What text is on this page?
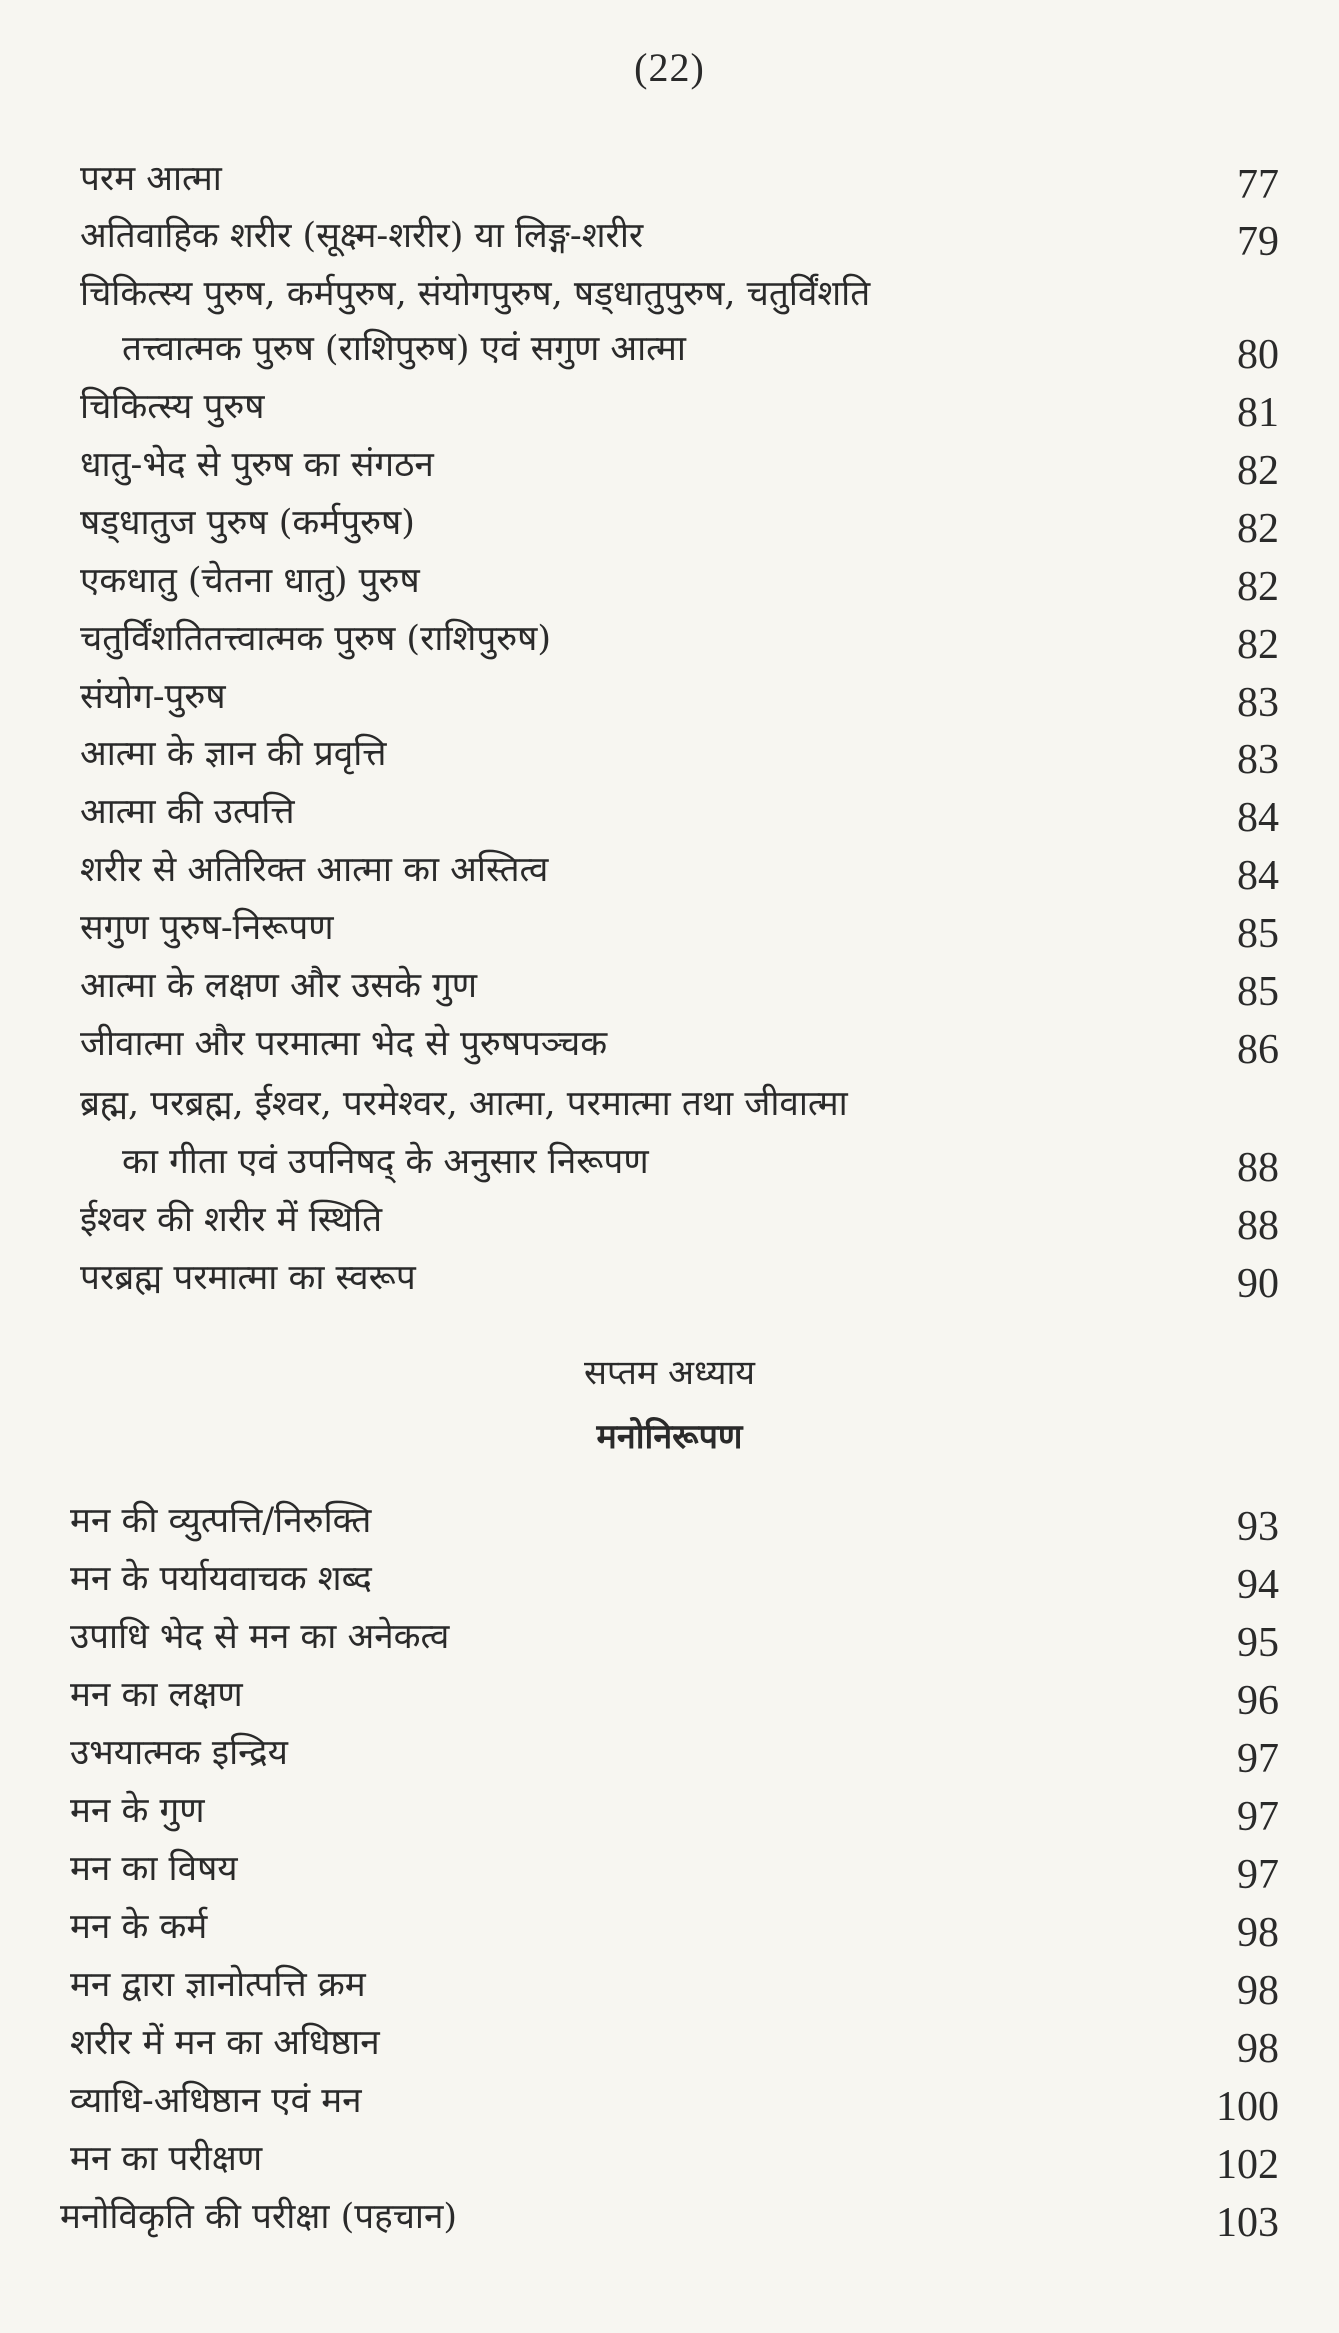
(22)
परम आत्मा	77
अतिवाहिक शरीर (सूक्ष्म-शरीर) या लिङ्ग-शरीर	79
चिकित्स्य पुरुष, कर्मपुरुष, संयोगपुरुष, षड्धातुपुरुष, चतुर्विंशति
तत्त्वात्मक पुरुष (राशिपुरुष) एवं सगुण आत्मा	80
चिकित्स्य पुरुष	81
धातु-भेद से पुरुष का संगठन	82
षड्धातुज पुरुष (कर्मपुरुष)	82
एकधातु (चेतना धातु) पुरुष	82
चतुर्विंशतितत्त्वात्मक पुरुष (राशिपुरुष)	82
संयोग-पुरुष	83
आत्मा के ज्ञान की प्रवृत्ति	83
आत्मा की उत्पत्ति	84
शरीर से अतिरिक्त आत्मा का अस्तित्व	84
सगुण पुरुष-निरूपण	85
आत्मा के लक्षण और उसके गुण	85
जीवात्मा और परमात्मा भेद से पुरुषपञ्चक	86
ब्रह्म, परब्रह्म, ईश्वर, परमेश्वर, आत्मा, परमात्मा तथा जीवात्मा
का गीता एवं उपनिषद् के अनुसार निरूपण	88
ईश्वर की शरीर में स्थिति	88
परब्रह्म परमात्मा का स्वरूप	90
सप्तम अध्याय
मनोनिरूपण
मन की व्युत्पत्ति/निरुक्ति	93
मन के पर्यायवाचक शब्द	94
उपाधि भेद से मन का अनेकत्व	95
मन का लक्षण	96
उभयात्मक इन्द्रिय	97
मन के गुण	97
मन का विषय	97
मन के कर्म	98
मन द्वारा ज्ञानोत्पत्ति क्रम	98
शरीर में मन का अधिष्ठान	98
व्याधि-अधिष्ठान एवं मन	100
मन का परीक्षण	102
मनोविकृति की परीक्षा (पहचान)	103
